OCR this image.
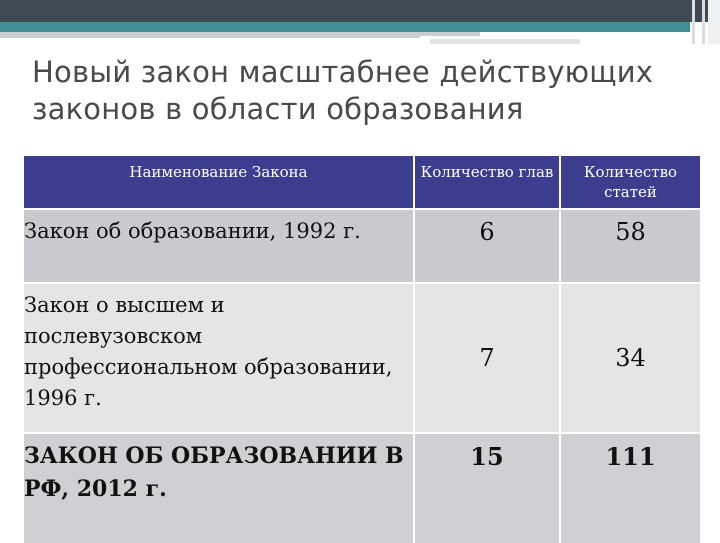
Новый закон масштабнее действующих законов в области образования
Наименование Закона	Количество глав	Количество статей
Закон об образовании, 1992 г.	6	58
Закон о высшем и послевузовском профессиональном образовании, 1996 г.	7	34
ЗАКОН ОБ ОБРАЗОВАНИИ В РФ, 2012 г.	15	111
